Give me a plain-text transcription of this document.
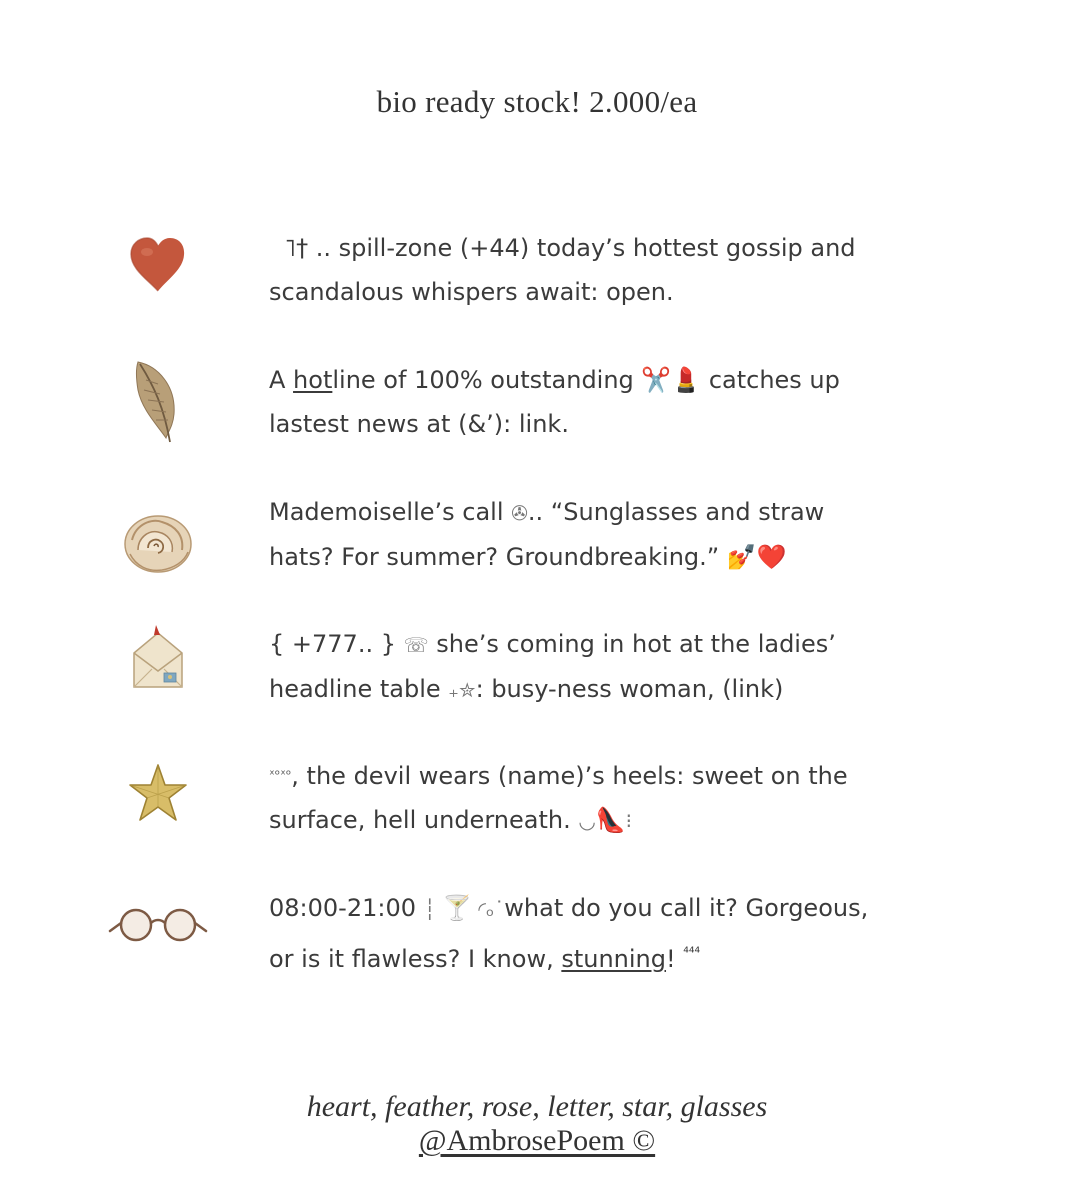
bio ready stock! 2.000/ea
˥† .. spill-zone (+44) today’s hottest gossip and
scandalous whispers await: open.
A hotline of 100% outstanding ✂️💄 catches up
lastest news at (&’): link.
Mademoiselle’s call ✇.. “Sunglasses and straw
hats? For summer? Groundbreaking.” 💅❤️
{ +777.. } ☏ she’s coming in hot at the ladies’
headline table ₊✮: busy-ness woman, (link)
$^{ˣᵒˣᵒ}$, the devil wears (name)’s heels: sweet on the
surface, hell underneath. ◡👠⁝
08:00-21:00 ┆ 🍸 ◜ₒ˙what do you call it? Gorgeous,
or is it flawless? I know, stunning! $^{^{444}}$
heart, feather, rose, letter, star, glasses
@AmbrosePoem ©
